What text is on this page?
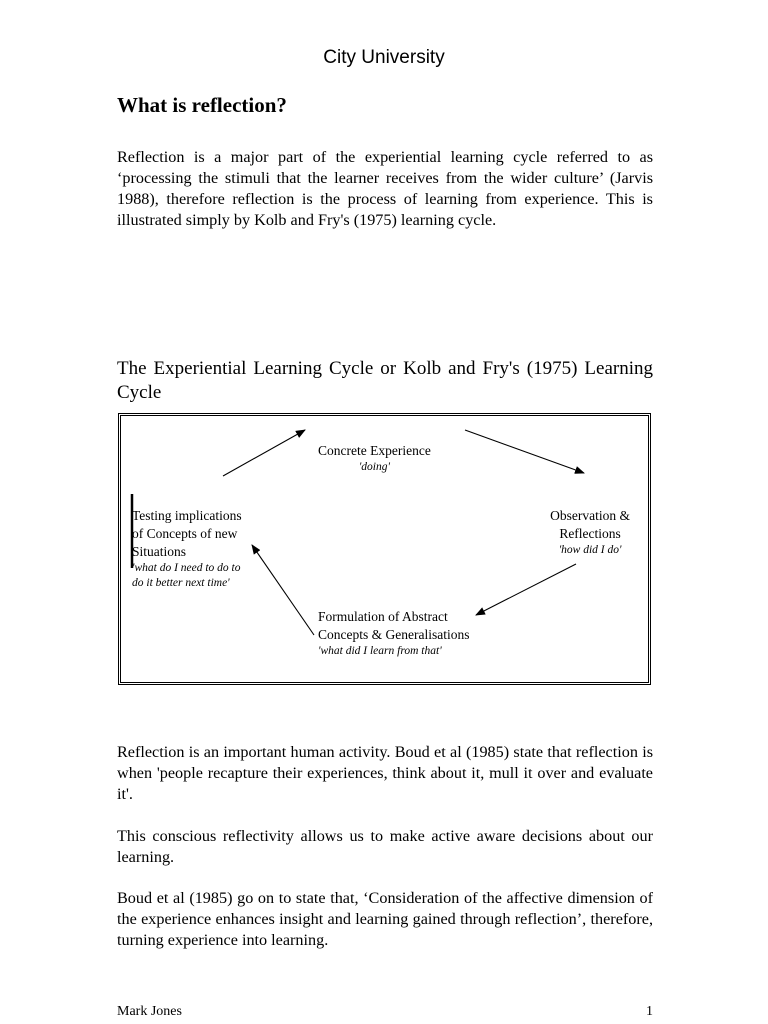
City University
What is reflection?
Reflection is a major part of the experiential learning cycle referred to as ‘processing the stimuli that the learner receives from the wider culture’ (Jarvis 1988), therefore reflection is the process of learning from experience. This is illustrated simply by Kolb and Fry's (1975) learning cycle.
The Experiential Learning Cycle or Kolb and Fry's (1975) Learning Cycle
Concrete Experience
'doing'
Observation &
Reflections
'how did I do'
Formulation of Abstract
Concepts & Generalisations
'what did I learn from that'
Testing implications
of Concepts of new
Situations
'what do I need to do to
do it better next time'
Reflection is an important human activity. Boud et al (1985) state that reflection is when 'people recapture their experiences, think about it, mull it over and evaluate it'.
This conscious reflectivity allows us to make active aware decisions about our learning.
Boud et al (1985) go on to state that, ‘Consideration of the affective dimension of the experience enhances insight and learning gained through reflection’, therefore, turning experience into learning.
Mark Jones	1
